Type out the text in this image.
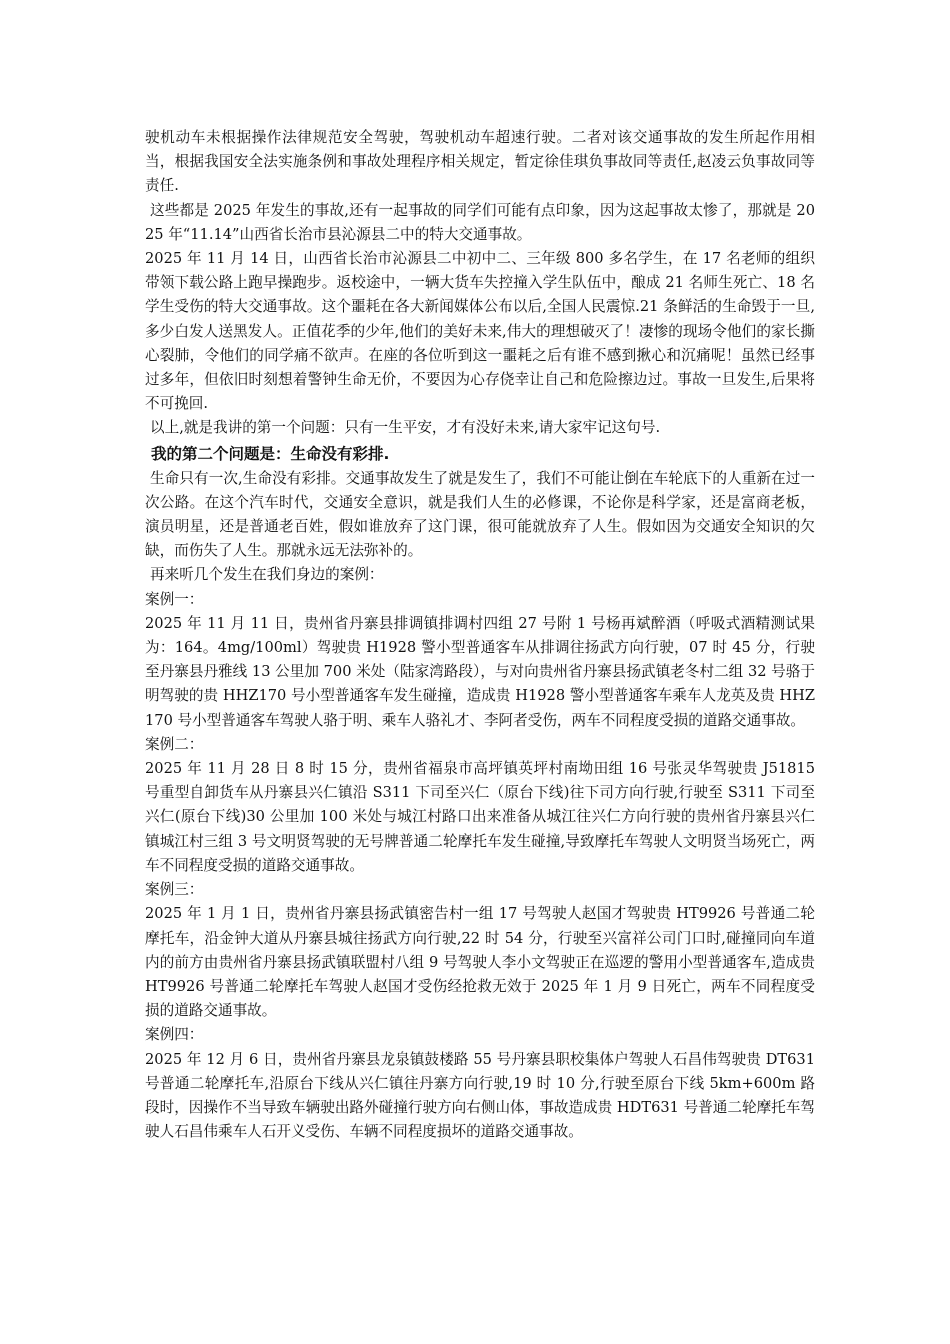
驶机动车未根据操作法律规范安全驾驶，驾驶机动车超速行驶。二者对该交通事故的发生所起作用相当，根据我国安全法实施条例和事故处理程序相关规定，暂定徐佳琪负事故同等责任,赵凌云负事故同等责任.

这些都是 2025 年发生的事故,还有一起事故的同学们可能有点印象，因为这起事故太惨了，那就是 2025 年“11.14”山西省长治市县沁源县二中的特大交通事故。

2025 年 11 月 14 日，山西省长治市沁源县二中初中二、三年级 800 多名学生，在 17 名老师的组织带领下载公路上跑早操跑步。返校途中，一辆大货车失控撞入学生队伍中，酿成 21 名师生死亡、18 名学生受伤的特大交通事故。这个噩耗在各大新闻媒体公布以后,全国人民震惊.21 条鲜活的生命毁于一旦,多少白发人送黑发人。正值花季的少年,他们的美好未来,伟大的理想破灭了！凄惨的现场令他们的家长撕心裂肺，令他们的同学痛不欲声。在座的各位听到这一噩耗之后有谁不感到揪心和沉痛呢！虽然已经事过多年，但依旧时刻想着警钟生命无价，不要因为心存侥幸让自己和危险擦边过。事故一旦发生,后果将不可挽回.

以上,就是我讲的第一个问题：只有一生平安，才有没好未来,请大家牢记这句号.

我的第二个问题是：生命没有彩排.

生命只有一次,生命没有彩排。交通事故发生了就是发生了，我们不可能让倒在车轮底下的人重新在过一次公路。在这个汽车时代，交通安全意识，就是我们人生的必修课，不论你是科学家，还是富商老板，演员明星，还是普通老百姓，假如谁放弃了这门课，很可能就放弃了人生。假如因为交通安全知识的欠缺，而伤失了人生。那就永远无法弥补的。

再来听几个发生在我们身边的案例：

案例一：

2025 年 11 月 11 日，贵州省丹寨县排调镇排调村四组 27 号附 1 号杨再斌醉酒（呼吸式酒精测试果为：164。4mg/100ml）驾驶贵 H1928 警小型普通客车从排调往扬武方向行驶，07 时 45 分，行驶至丹寨县丹雅线 13 公里加 700 米处（陆家湾路段），与对向贵州省丹寨县扬武镇老冬村二组 32 号骆于明驾驶的贵 HHZ170 号小型普通客车发生碰撞，造成贵 H1928 警小型普通客车乘车人龙英及贵 HHZ170 号小型普通客车驾驶人骆于明、乘车人骆礼才、李阿者受伤，两车不同程度受损的道路交通事故。

案例二：

2025 年 11 月 28 日 8 时 15 分，贵州省福泉市高坪镇英坪村南坳田组 16 号张灵华驾驶贵 J51815 号重型自卸货车从丹寨县兴仁镇沿 S311 下司至兴仁（原台下线)往下司方向行驶,行驶至 S311 下司至兴仁(原台下线)30 公里加 100 米处与城江村路口出来准备从城江往兴仁方向行驶的贵州省丹寨县兴仁镇城江村三组 3 号文明贤驾驶的无号牌普通二轮摩托车发生碰撞,导致摩托车驾驶人文明贤当场死亡，两车不同程度受损的道路交通事故。

案例三：

2025 年 1 月 1 日，贵州省丹寨县扬武镇密告村一组 17 号驾驶人赵国才驾驶贵 HT9926 号普通二轮摩托车，沿金钟大道从丹寨县城往扬武方向行驶,22 时 54 分，行驶至兴富祥公司门口时,碰撞同向车道内的前方由贵州省丹寨县扬武镇联盟村八组 9 号驾驶人李小文驾驶正在巡逻的警用小型普通客车,造成贵 HT9926 号普通二轮摩托车驾驶人赵国才受伤经抢救无效于 2025 年 1 月 9 日死亡，两车不同程度受损的道路交通事故。

案例四：

2025 年 12 月 6 日，贵州省丹寨县龙泉镇鼓楼路 55 号丹寨县职校集体户驾驶人石昌伟驾驶贵 DT631 号普通二轮摩托车,沿原台下线从兴仁镇往丹寨方向行驶,19 时 10 分,行驶至原台下线 5km+600m 路段时，因操作不当导致车辆驶出路外碰撞行驶方向右侧山体，事故造成贵 HDT631 号普通二轮摩托车驾驶人石昌伟乘车人石开义受伤、车辆不同程度损坏的道路交通事故。
